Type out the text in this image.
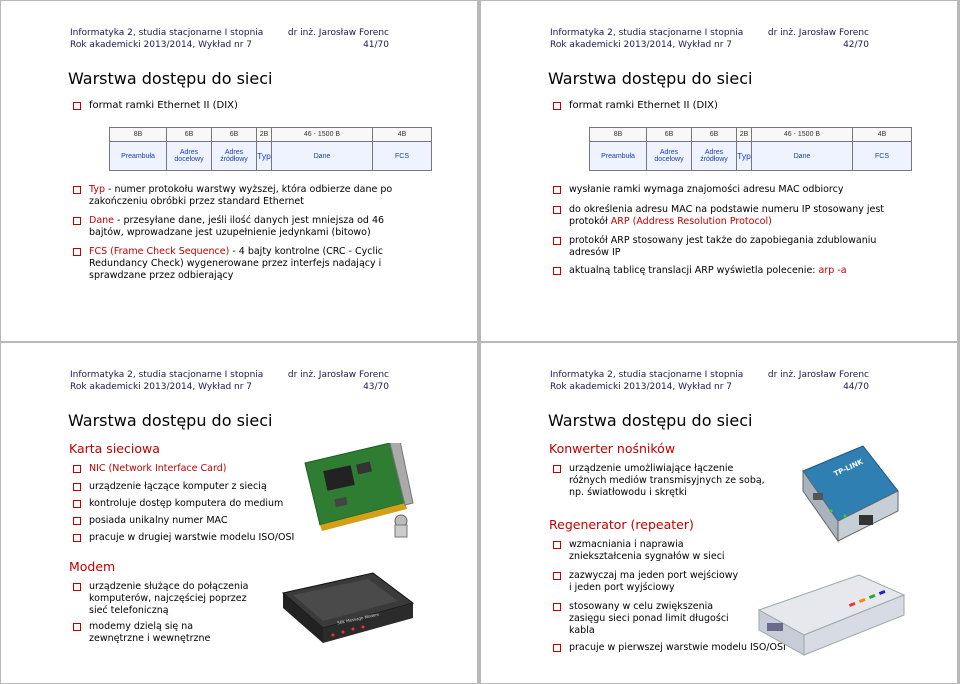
Informatyka 2, studia stacjonarne I stopnia
Rok akademicki 2013/2014, Wykład nr 7
dr inż. Jarosław Forenc
41/70
Warstwa dostępu do sieci
format ramki Ethernet II (DIX)
8B	6B	6B	2B	46 - 1500 B	4B
Preambuła	Adres docelowy	Adres źródłowy	Typ	Dane	FCS
Typ - numer protokołu warstwy wyższej, która odbierze dane po zakończeniu obróbki przez standard Ethernet
Dane - przesyłane dane, jeśli ilość danych jest mniejsza od 46 bajtów, wprowadzane jest uzupełnienie jedynkami (bitowo)
FCS (Frame Check Sequence) - 4 bajty kontrolne (CRC - Cyclic Redundancy Check) wygenerowane przez interfejs nadający i sprawdzane przez odbierający
Informatyka 2, studia stacjonarne I stopnia
Rok akademicki 2013/2014, Wykład nr 7
dr inż. Jarosław Forenc
42/70
Warstwa dostępu do sieci
format ramki Ethernet II (DIX)
8B	6B	6B	2B	46 - 1500 B	4B
Preambuła	Adres docelowy	Adres źródłowy	Typ	Dane	FCS
wysłanie ramki wymaga znajomości adresu MAC odbiorcy
do określenia adresu MAC na podstawie numeru IP stosowany jest protokół ARP (Address Resolution Protocol)
protokół ARP stosowany jest także do zapobiegania zdublowaniu adresów IP
aktualną tablicę translacji ARP wyświetla polecenie: arp -a
Informatyka 2, studia stacjonarne I stopnia
Rok akademicki 2013/2014, Wykład nr 7
dr inż. Jarosław Forenc
43/70
Warstwa dostępu do sieci
Karta sieciowa
NIC (Network Interface Card)
urządzenie łączące komputer z siecią
kontroluje dostęp komputera do medium
posiada unikalny numer MAC
pracuje w drugiej warstwie modelu ISO/OSI
Modem
urządzenie służące do połączenia komputerów, najczęściej poprzez sieć telefoniczną
modemy dzielą się na zewnętrzne i wewnętrzne
56K Message Modem
Informatyka 2, studia stacjonarne I stopnia
Rok akademicki 2013/2014, Wykład nr 7
dr inż. Jarosław Forenc
44/70
Warstwa dostępu do sieci
Konwerter nośników
urządzenie umożliwiające łączenie różnych mediów transmisyjnych ze sobą, np. światłowodu i skrętki
Regenerator (repeater)
wzmacniania i naprawia zniekształcenia sygnałów w sieci
zazwyczaj ma jeden port wejściowy i jeden port wyjściowy
stosowany w celu zwiększenia zasięgu sieci ponad limit długości kabla
pracuje w pierwszej warstwie modelu ISO/OSI
TP-LINK
